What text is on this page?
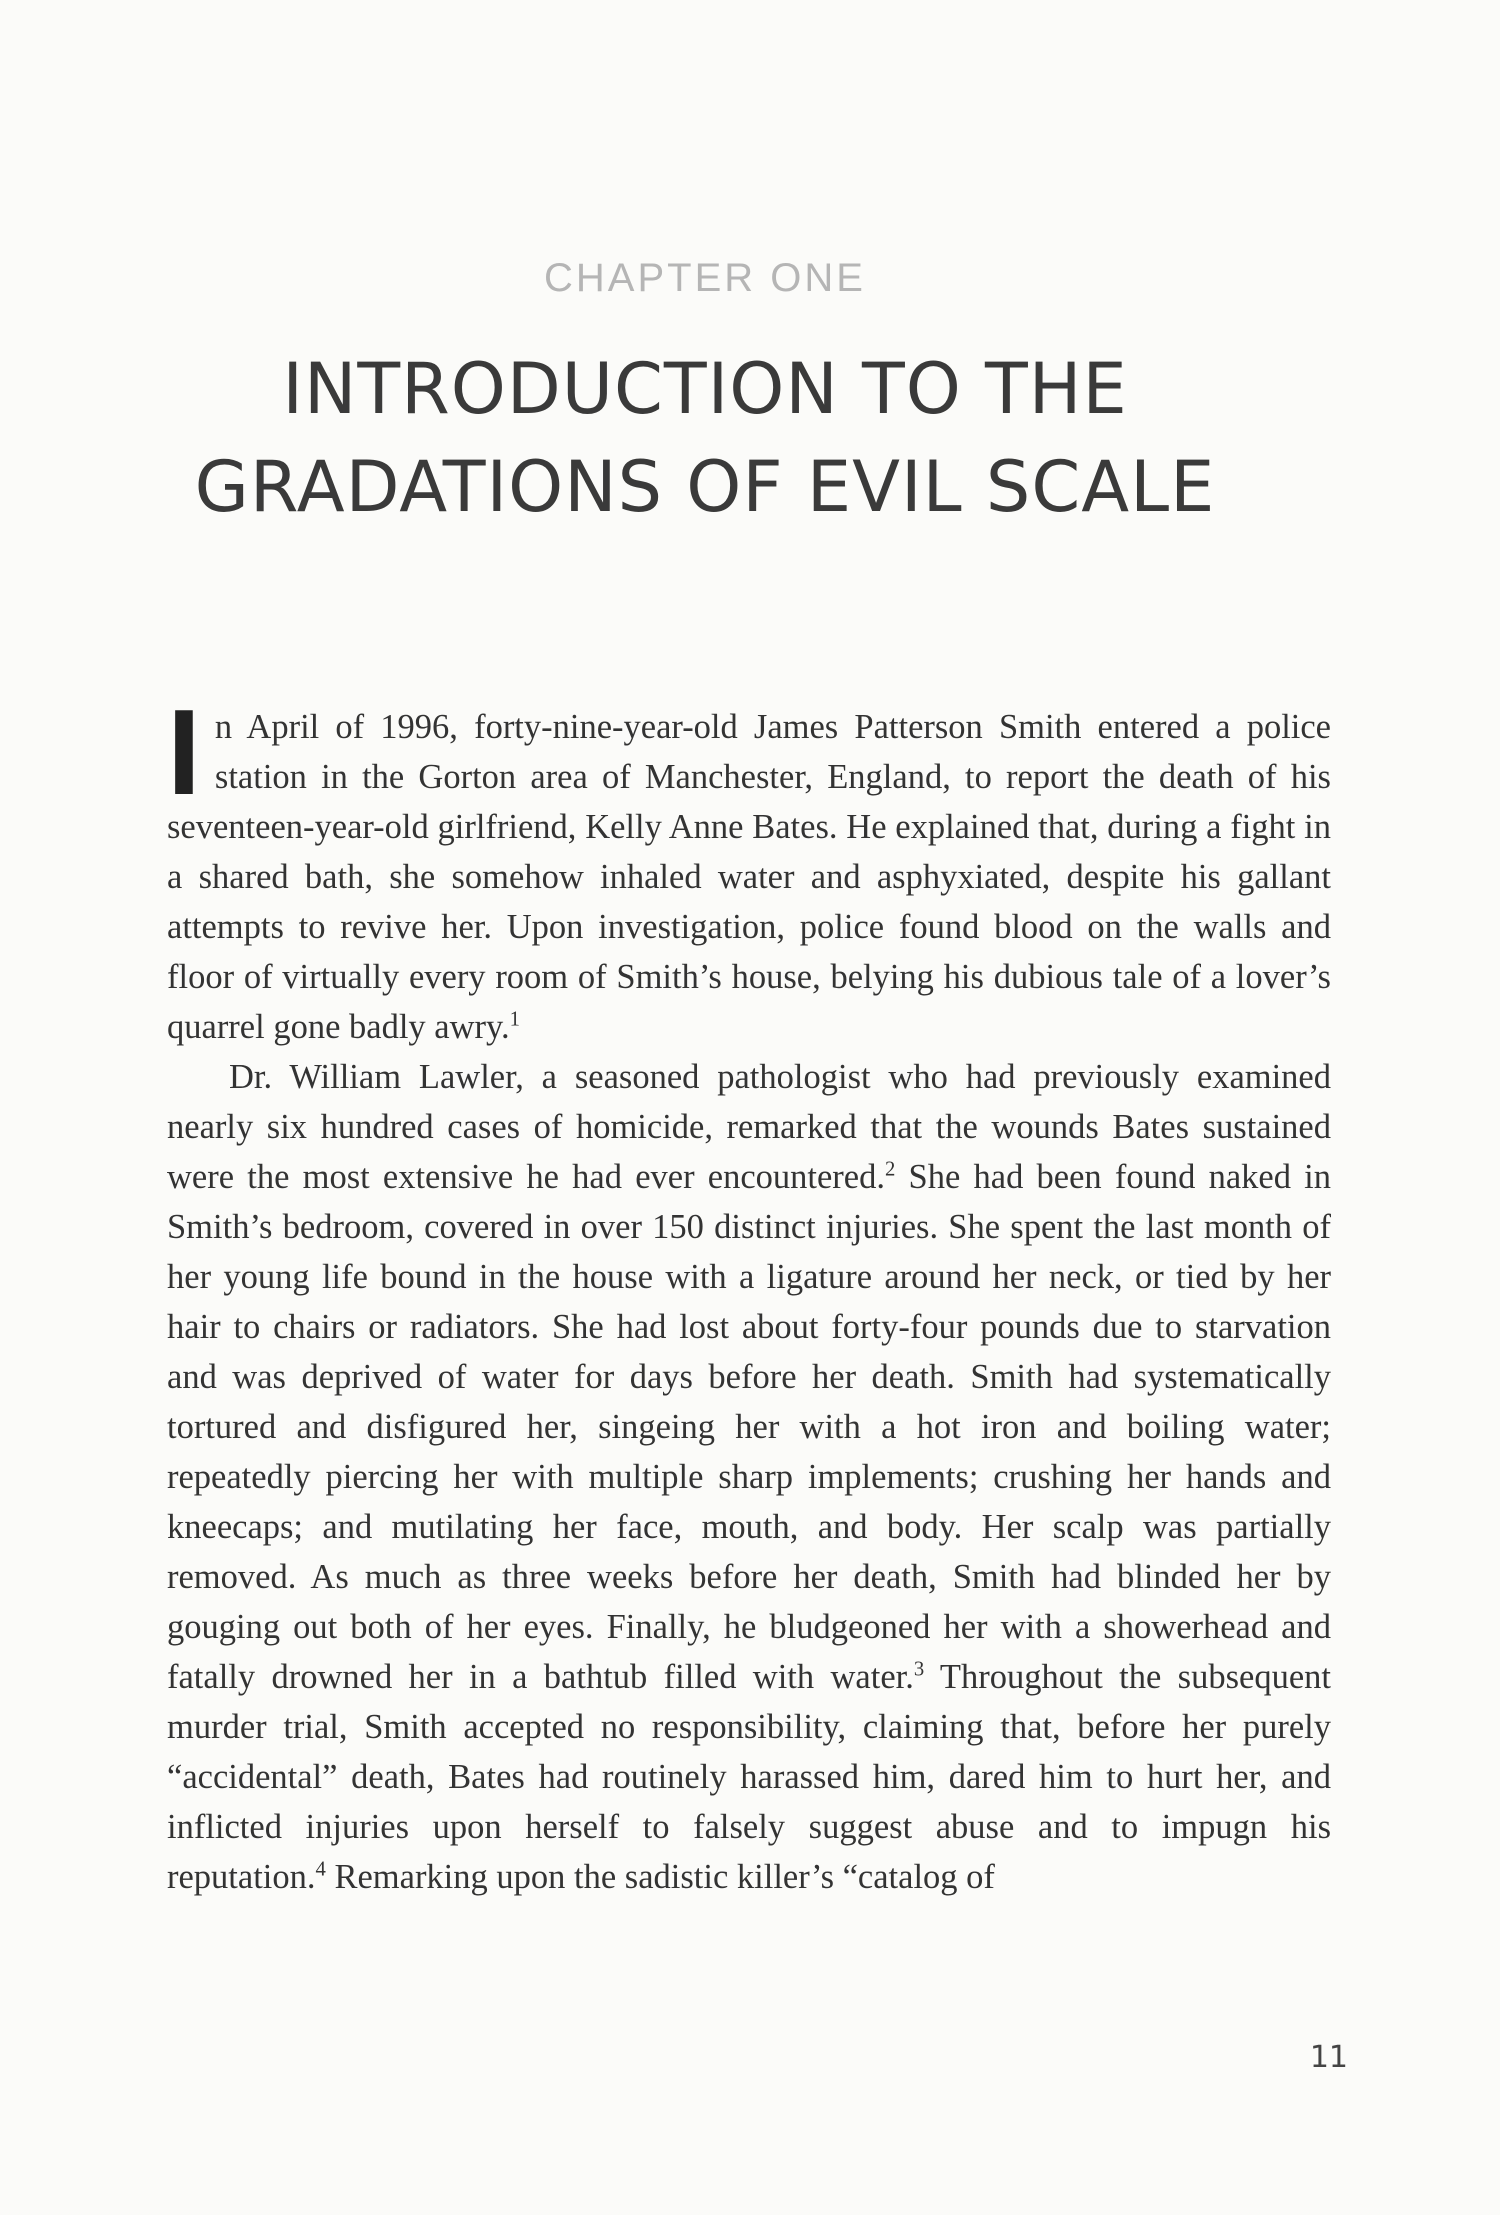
CHAPTER ONE
INTRODUCTION TO THE
GRADATIONS OF EVIL SCALE

In April of 1996, forty-nine-year-old James Patterson Smith entered a police station in the Gorton area of Manchester, England, to report the death of his seventeen-year-old girlfriend, Kelly Anne Bates. He explained that, during a fight in a shared bath, she somehow inhaled water and asphyxiated, despite his gallant attempts to revive her. Upon investigation, police found blood on the walls and floor of virtually every room of Smith’s house, belying his dubious tale of a lover’s quarrel gone badly awry.$^1$

Dr. William Lawler, a seasoned pathologist who had previously examined nearly six hundred cases of homicide, remarked that the wounds Bates sustained were the most extensive he had ever encountered.$^2$ She had been found naked in Smith’s bedroom, covered in over 150 distinct injuries. She spent the last month of her young life bound in the house with a ligature around her neck, or tied by her hair to chairs or radiators. She had lost about forty-four pounds due to starvation and was deprived of water for days before her death. Smith had systematically tortured and disfigured her, singeing her with a hot iron and boiling water; repeatedly piercing her with multiple sharp implements; crushing her hands and kneecaps; and mutilating her face, mouth, and body. Her scalp was partially removed. As much as three weeks before her death, Smith had blinded her by gouging out both of her eyes. Finally, he bludgeoned her with a showerhead and fatally drowned her in a bathtub filled with water.$^3$ Throughout the subsequent murder trial, Smith accepted no responsibility, claiming that, before her purely “accidental” death, Bates had routinely harassed him, dared him to hurt her, and inflicted injuries upon herself to falsely suggest abuse and to impugn his reputation.$^4$ Remarking upon the sadistic killer’s “catalog of

11
